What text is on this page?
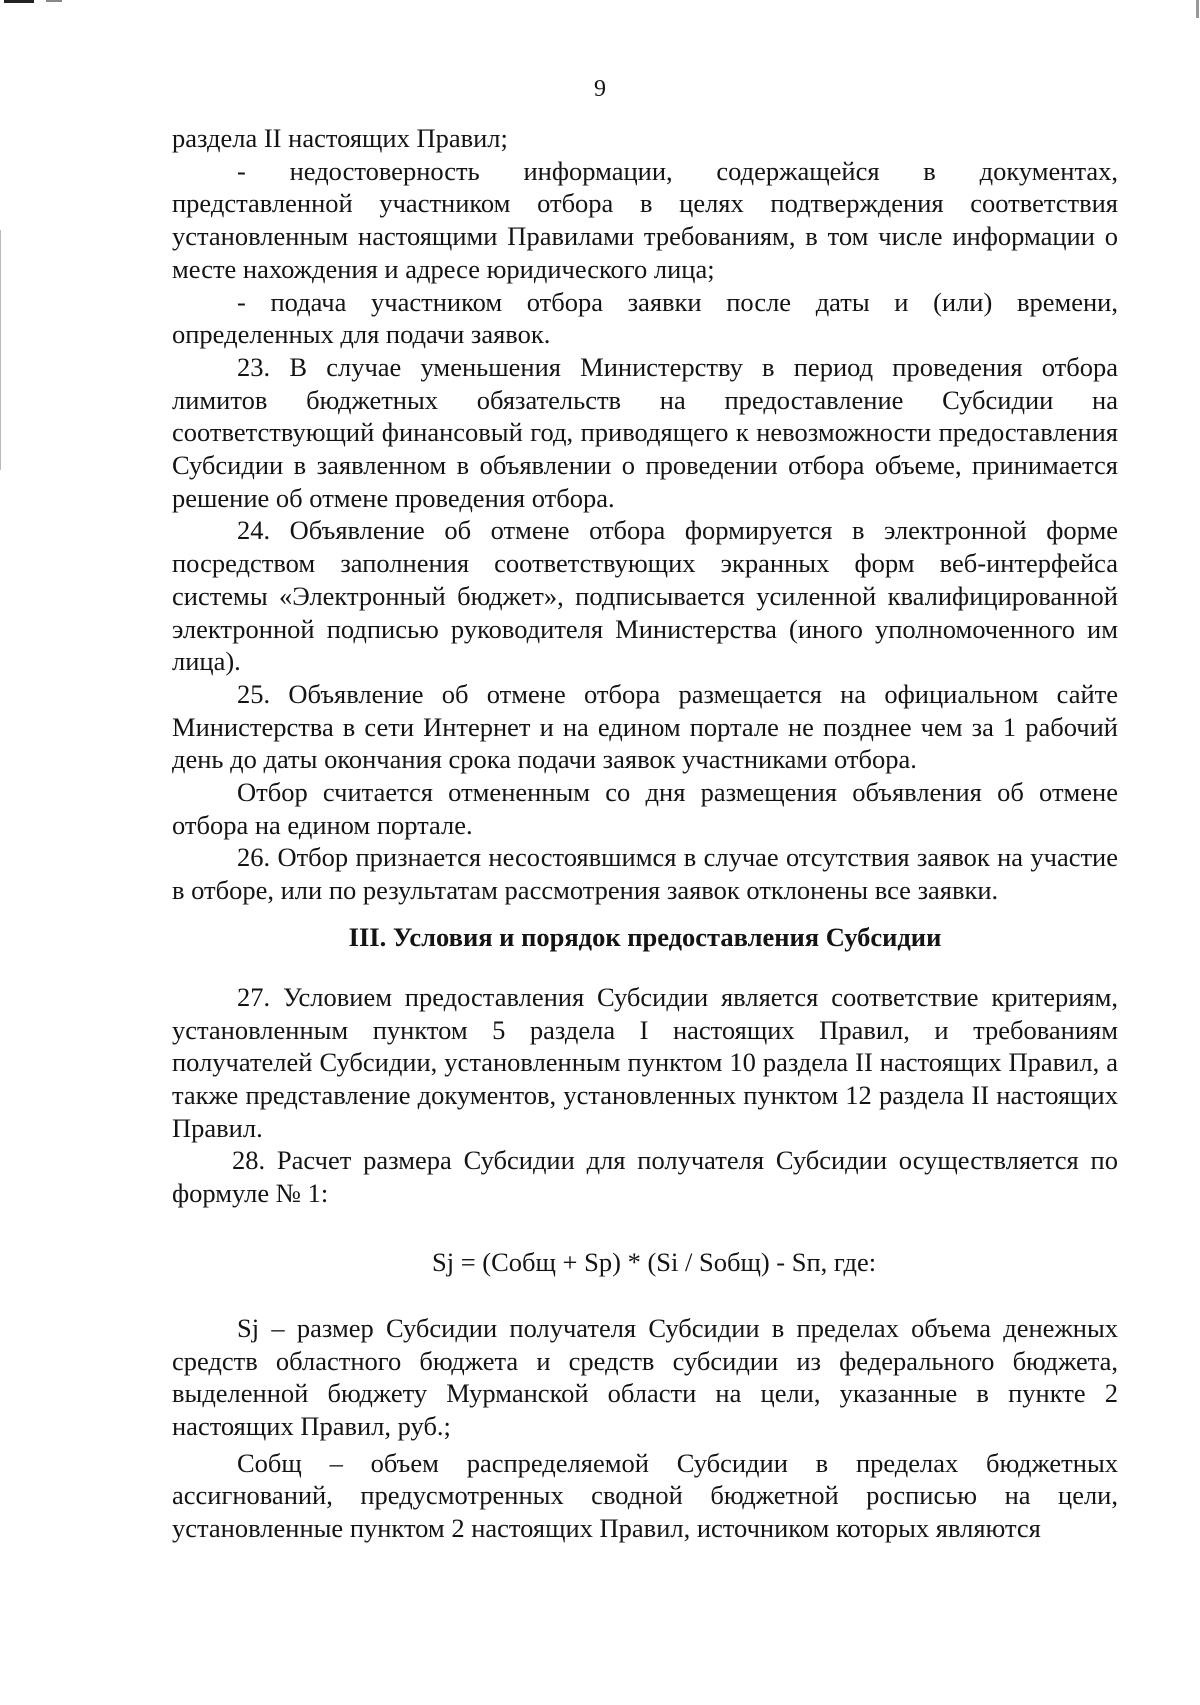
9

раздела II настоящих Правил;

- недостоверность информации, содержащейся в документах, представленной участником отбора в целях подтверждения соответствия установленным настоящими Правилами требованиям, в том числе информации о месте нахождения и адресе юридического лица;

- подача участником отбора заявки после даты и (или) времени, определенных для подачи заявок.

23. В случае уменьшения Министерству в период проведения отбора лимитов бюджетных обязательств на предоставление Субсидии на соответствующий финансовый год, приводящего к невозможности предоставления Субсидии в заявленном в объявлении о проведении отбора объеме, принимается решение об отмене проведения отбора.

24. Объявление об отмене отбора формируется в электронной форме посредством заполнения соответствующих экранных форм веб-интерфейса системы «Электронный бюджет», подписывается усиленной квалифицированной электронной подписью руководителя Министерства (иного уполномоченного им лица).

25. Объявление об отмене отбора размещается на официальном сайте Министерства в сети Интернет и на едином портале не позднее чем за 1 рабочий день до даты окончания срока подачи заявок участниками отбора.

Отбор считается отмененным со дня размещения объявления об отмене отбора на едином портале.

26. Отбор признается несостоявшимся в случае отсутствия заявок на участие в отборе, или по результатам рассмотрения заявок отклонены все заявки.

III. Условия и порядок предоставления Субсидии

27. Условием предоставления Субсидии является соответствие критериям, установленным пунктом 5 раздела I настоящих Правил, и требованиям получателей Субсидии, установленным пунктом 10 раздела II настоящих Правил, а также представление документов, установленных пунктом 12 раздела II настоящих Правил.

28. Расчет размера Субсидии для получателя Субсидии осуществляется по формуле № 1:

Sj = (Cобщ + Sp) * (Si / Sобщ) - Sп, где:

Sj – размер Субсидии получателя Субсидии в пределах объема денежных средств областного бюджета и средств субсидии из федерального бюджета, выделенной бюджету Мурманской области на цели, указанные в пункте 2 настоящих Правил, руб.;

Собщ – объем распределяемой Субсидии в пределах бюджетных ассигнований, предусмотренных сводной бюджетной росписью на цели, установленные пунктом 2 настоящих Правил, источником которых являются
